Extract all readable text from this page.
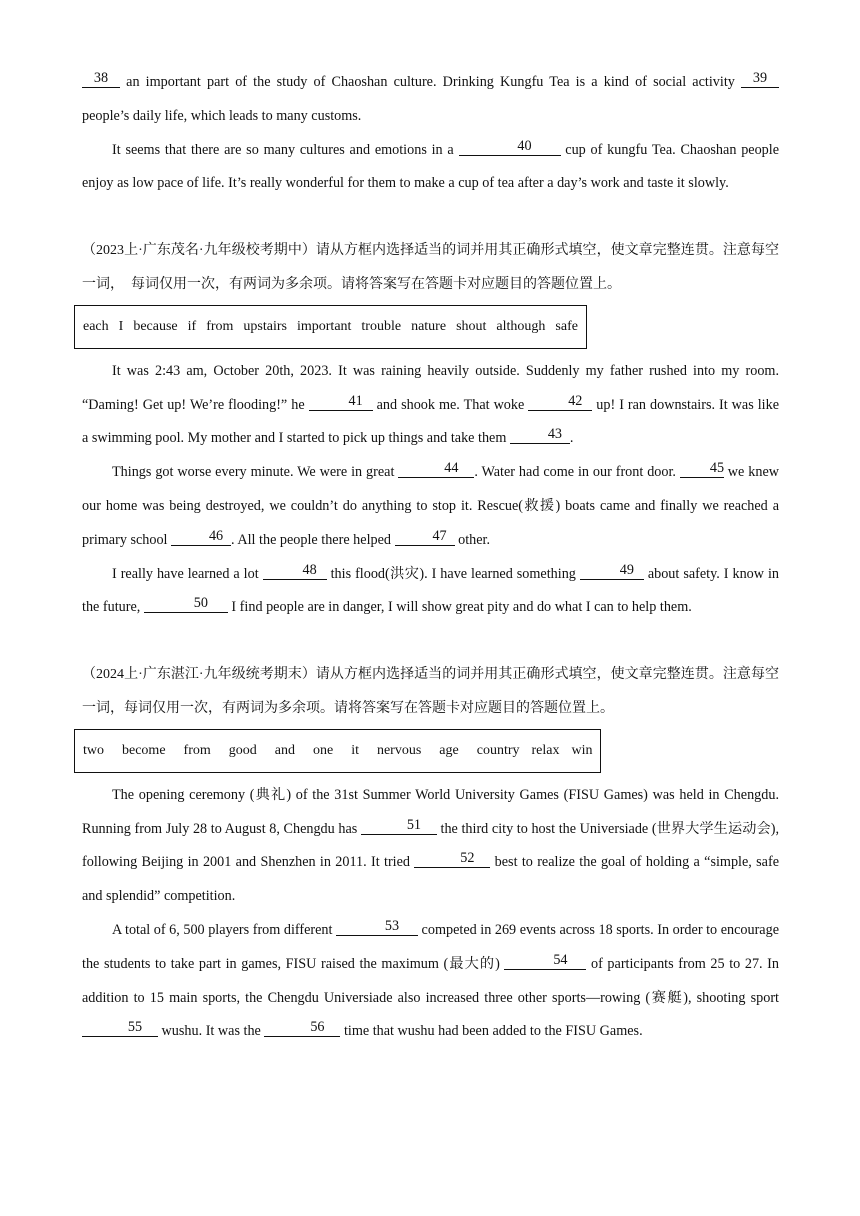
38 an important part of the study of Chaoshan culture. Drinking Kungfu Tea is a kind of social activity 39 people’s daily life, which leads to many customs.

It seems that there are so many cultures and emotions in a	40 cup of kungfu Tea. Chaoshan people enjoy as low pace of life. It’s really wonderful for them to make a cup of tea after a day’s work and taste it slowly.

（2023上·广东茂名·九年级校考期中）请从方框内选择适当的词并用其正确形式填空，使文章完整连贯。注意每空一词，　每词仅用一次，有两词为多余项。请将答案写在答题卡对应题目的答题位置上。
each I because if from upstairs important trouble nature shout although safe

It was 2:43 am, October 20th, 2023. It was raining heavily outside. Suddenly my father rushed into my room. “Daming! Get up! We’re flooding!” he	41 and shook me. That woke	42 up! I ran downstairs. It was like a swimming pool. My mother and I started to pick up things and take them	43 .

Things got worse every minute. We were in great	44 . Water had come in our front door. 45 we knew our home was being destroyed, we couldn’t do anything to stop it. Rescue(救援) boats came and finally we reached a primary school	46 . All the people there helped	47 other.

I really have learned a lot	48 this flood(洪灾). I have learned something	49 about safety. I know in the future,	50 I find people are in danger, I will show great pity and do what I can to help them.

（2024上·广东湛江·九年级统考期末）请从方框内选择适当的词并用其正确形式填空，使文章完整连贯。注意每空一词，每词仅用一次，有两词为多余项。请将答案写在答题卡对应题目的答题位置上。
two become from good and one it nervous age country relax win

The opening ceremony (典礼) of the 31st Summer World University Games (FISU Games) was held in Chengdu. Running from July 28 to August 8, Chengdu has	51 the third city to host the Universiade (世界大学生运动会), following Beijing in 2001 and Shenzhen in 2011. It tried	52 best to realize the goal of holding a “simple, safe and splendid” competition.

A total of 6, 500 players from different	53 competed in 269 events across 18 sports. In order to encourage the students to take part in games, FISU raised the maximum (最大的)	54 of participants from 25 to 27. In addition to 15 main sports, the Chengdu Universiade also increased three other sports—rowing (赛艇), shooting sport 55 wushu. It was the	56 time that wushu had been added to the FISU Games.
